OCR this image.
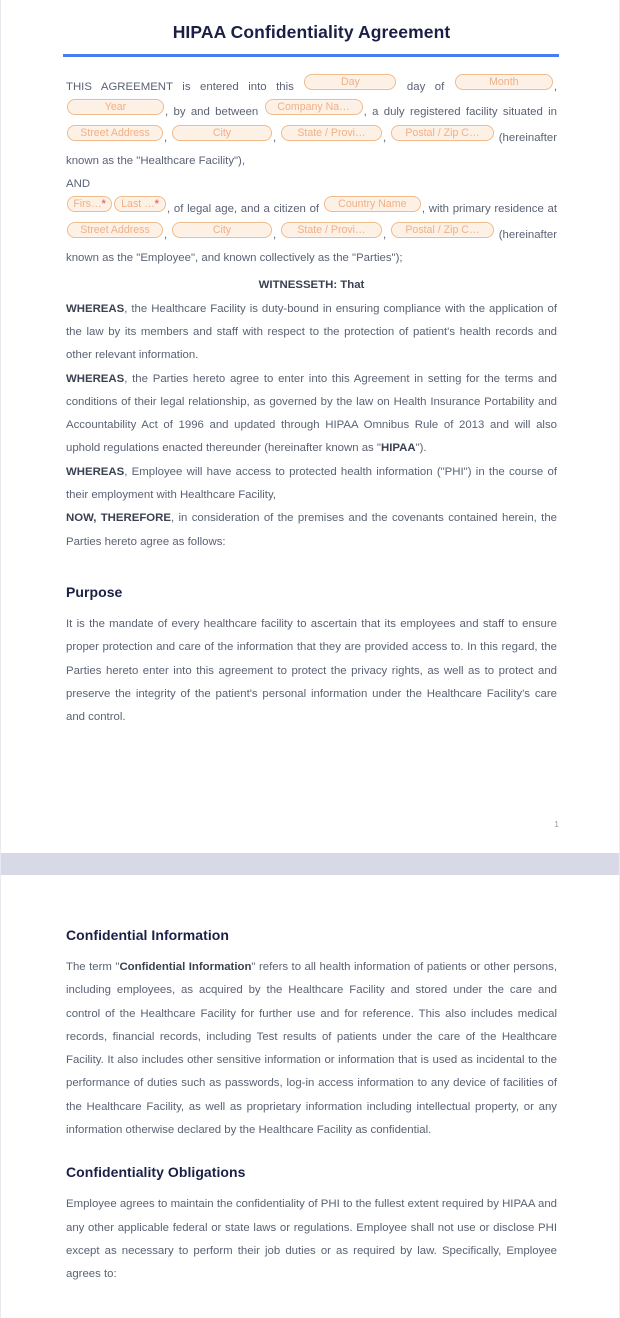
HIPAA Confidentiality Agreement

THIS AGREEMENT is entered into this	Day	day of	Month	, Year	, by and between Company Na… , a duly registered facility situated in Street Address ,	City	, State / Provi… , Postal / Zip C… (hereinafter known as the "Healthcare Facility"),

AND

Firs…* Last …* , of legal age, and a citizen of Country Name , with primary residence at Street Address ,	City	, State / Provi… , Postal / Zip C… (hereinafter known as the "Employee", and known collectively as the "Parties");

WITNESSETH: That

WHEREAS, the Healthcare Facility is duty-bound in ensuring compliance with the application of the law by its members and staff with respect to the protection of patient's health records and other relevant information.

WHEREAS, the Parties hereto agree to enter into this Agreement in setting for the terms and conditions of their legal relationship, as governed by the law on Health Insurance Portability and Accountability Act of 1996 and updated through HIPAA Omnibus Rule of 2013 and will also uphold regulations enacted thereunder (hereinafter known as "HIPAA").

WHEREAS, Employee will have access to protected health information ("PHI") in the course of their employment with Healthcare Facility,

NOW, THEREFORE, in consideration of the premises and the covenants contained herein, the Parties hereto agree as follows:

Purpose

It is the mandate of every healthcare facility to ascertain that its employees and staff to ensure proper protection and care of the information that they are provided access to. In this regard, the Parties hereto enter into this agreement to protect the privacy rights, as well as to protect and preserve the integrity of the patient's personal information under the Healthcare Facility's care and control.

1
Confidential Information

The term "Confidential Information" refers to all health information of patients or other persons, including employees, as acquired by the Healthcare Facility and stored under the care and control of the Healthcare Facility for further use and for reference. This also includes medical records, financial records, including Test results of patients under the care of the Healthcare Facility. It also includes other sensitive information or information that is used as incidental to the performance of duties such as passwords, log-in access information to any device of facilities of the Healthcare Facility, as well as proprietary information including intellectual property, or any information otherwise declared by the Healthcare Facility as confidential.

Confidentiality Obligations

Employee agrees to maintain the confidentiality of PHI to the fullest extent required by HIPAA and any other applicable federal or state laws or regulations. Employee shall not use or disclose PHI except as necessary to perform their job duties or as required by law. Specifically, Employee agrees to:
